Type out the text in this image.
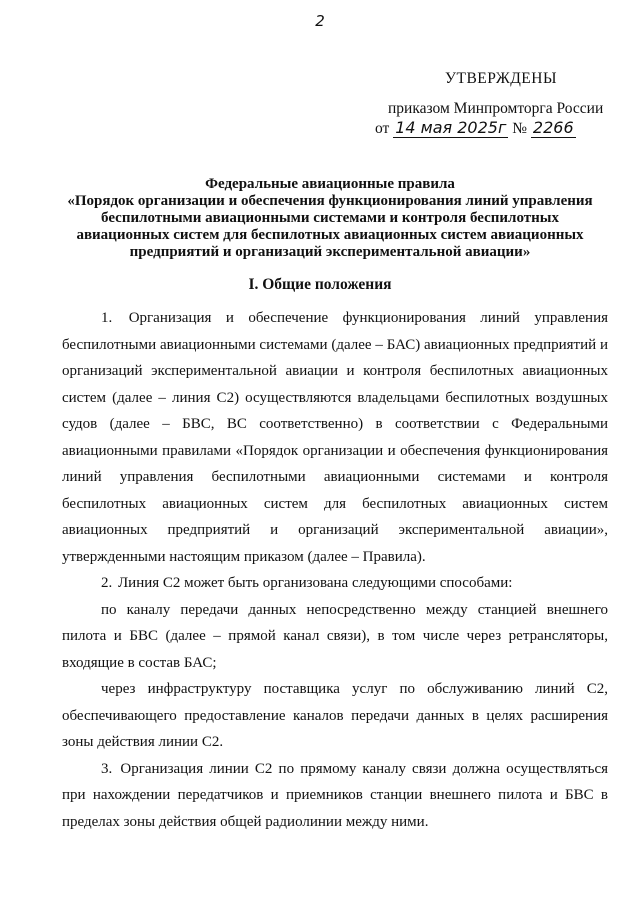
2
УТВЕРЖДЕНЫ
приказом Минпромторга России
от 14 мая 2025г № 2266
Федеральные авиационные правила
«Порядок организации и обеспечения функционирования линий управления
беспилотными авиационными системами и контроля беспилотных
авиационных систем для беспилотных авиационных систем авиационных
предприятий и организаций экспериментальной авиации»
I. Общие положения

1. Организация и обеспечение функционирования линий управления беспилотными авиационными системами (далее – БАС) авиационных предприятий и организаций экспериментальной авиации и контроля беспилотных авиационных систем (далее – линия С2) осуществляются владельцами беспилотных воздушных судов (далее – БВС, ВС соответственно) в соответствии с Федеральными авиационными правилами «Порядок организации и обеспечения функционирования линий управления беспилотными авиационными системами и контроля беспилотных авиационных систем для беспилотных авиационных систем авиационных предприятий и организаций экспериментальной авиации», утвержденными настоящим приказом (далее – Правила).

2. Линия С2 может быть организована следующими способами:

по каналу передачи данных непосредственно между станцией внешнего пилота и БВС (далее – прямой канал связи), в том числе через ретрансляторы, входящие в состав БАС;

через инфраструктуру поставщика услуг по обслуживанию линий С2, обеспечивающего предоставление каналов передачи данных в целях расширения зоны действия линии С2.

3. Организация линии С2 по прямому каналу связи должна осуществляться при нахождении передатчиков и приемников станции внешнего пилота и БВС в пределах зоны действия общей радиолинии между ними.
